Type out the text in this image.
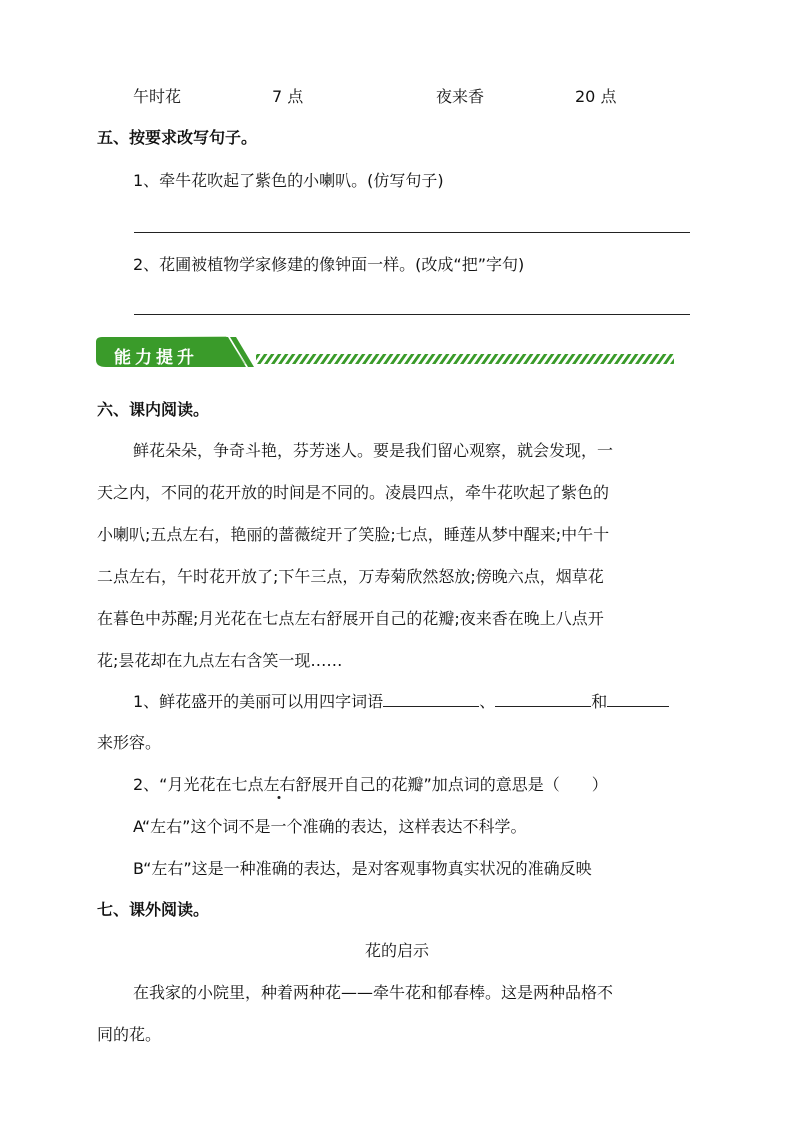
午时花	7 点	夜来香	20 点
五、按要求改写句子。
1、牵牛花吹起了紫色的小喇叭。(仿写句子)
2、花圃被植物学家修建的像钟面一样。(改成“把”字句)
能力提升
六、课内阅读。
鲜花朵朵，争奇斗艳，芬芳迷人。要是我们留心观察，就会发现，一
天之内，不同的花开放的时间是不同的。凌晨四点，牵牛花吹起了紫色的
小喇叭;五点左右，艳丽的蔷薇绽开了笑脸;七点，睡莲从梦中醒来;中午十
二点左右，午时花开放了;下午三点，万寿菊欣然怒放;傍晚六点，烟草花
在暮色中苏醒;月光花在七点左右舒展开自己的花瓣;夜来香在晚上八点开
花;昙花却在九点左右含笑一现……
1、鲜花盛开的美丽可以用四字词语	、	和
来形容。
2、“月光花在七点左右舒展开自己的花瓣”加点词的意思是（　　）
A“左右”这个词不是一个准确的表达，这样表达不科学。
B“左右”这是一种准确的表达，是对客观事物真实状况的准确反映
七、课外阅读。
花的启示
在我家的小院里，种着两种花——牵牛花和郁春棒。这是两种品格不
同的花。
